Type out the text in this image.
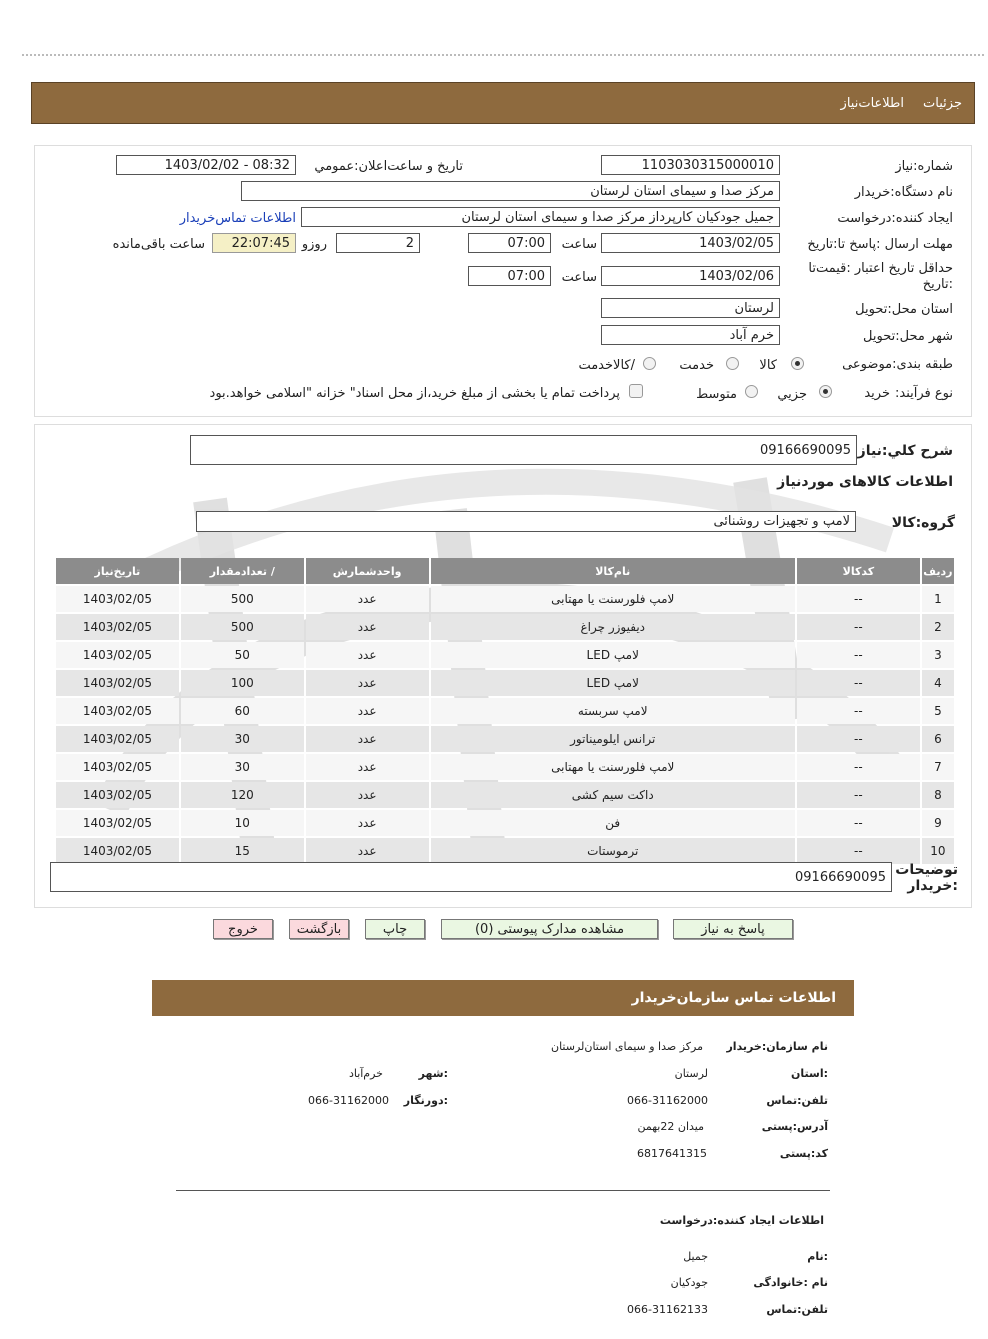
جزئیات
اطلاعات‌نیاز
شماره:نیاز
1103030315000010
تاریخ و ساعت‌اعلان:عمومي
1403/02/02 - 08:32
نام دستگاه:خریدار
مرکز صدا و سیمای استان لرستان
ایجاد کننده:درخواست
جمیل جودکیان کارپرداز مرکز صدا و سیمای استان لرستان
اطلاعات تماس‌خریدار
مهلت ارسال :پاسخ تا:تاریخ
1403/02/05
ساعت
07:00
2
روزو
22:07:45
ساعت باقی‌مانده
حداقل تاریخ اعتبار :قیمت‌تا :تاریخ
1403/02/06
ساعت
07:00
استان محل:تحویل
لرستان
شهر محل:تحویل
خرم آباد
طبقه بندی:موضوعی
کالا
خدمت
/کالاخدمت
نوع فرآیند:
خرید
جزیي
متوسط
پرداخت تمام یا بخشی از مبلغ خرید،از محل اسناد" خزانه "اسلامی خواهد.بود
شرح کلي:نیاز
09166690095
اطلاعات کالاهای مورد‌نیاز
گروه:کالا
لامپ و تجهیزات روشنائی
ردیف	کدکالا	نام‌کالا	واحدشمارش	/ تعدادمقدار	تاریخ‌نیاز
1	--	لامپ فلورسنت یا مهتابی	عدد	500	1403/02/05
2	--	دیفیوزر چراغ	عدد	500	1403/02/05
3	--	لامپ LED	عدد	50	1403/02/05
4	--	لامپ LED	عدد	100	1403/02/05
5	--	لامپ سربسته	عدد	60	1403/02/05
6	--	ترانس ایلومیناتور	عدد	30	1403/02/05
7	--	لامپ فلورسنت یا مهتابی	عدد	30	1403/02/05
8	--	داکت سیم کشی	عدد	120	1403/02/05
9	--	فن	عدد	10	1403/02/05
10	--	ترموستات	عدد	15	1403/02/05
توضیحات :خریدار
09166690095
پاسخ به نیاز
مشاهده مدارک پیوستی (0)
چاپ
بازگشت
خروج
اطلاعات تماس سازمان‌خریدار
نام سازمان:خریدار
مرکز صدا و سیمای استان‌لرستان
:استان
لرستان
:شهر
خرم‌آباد
تلفن:تماس
066-31162000
:دورنگار
066-31162000
آدرس:پستی
میدان 22بهمن
کد:پستی
6817641315
اطلاعات ایجاد کننده:درخواست
:نام
جمیل
نام :خانوادگی
جودکیان
تلفن:تماس
066-31162133
